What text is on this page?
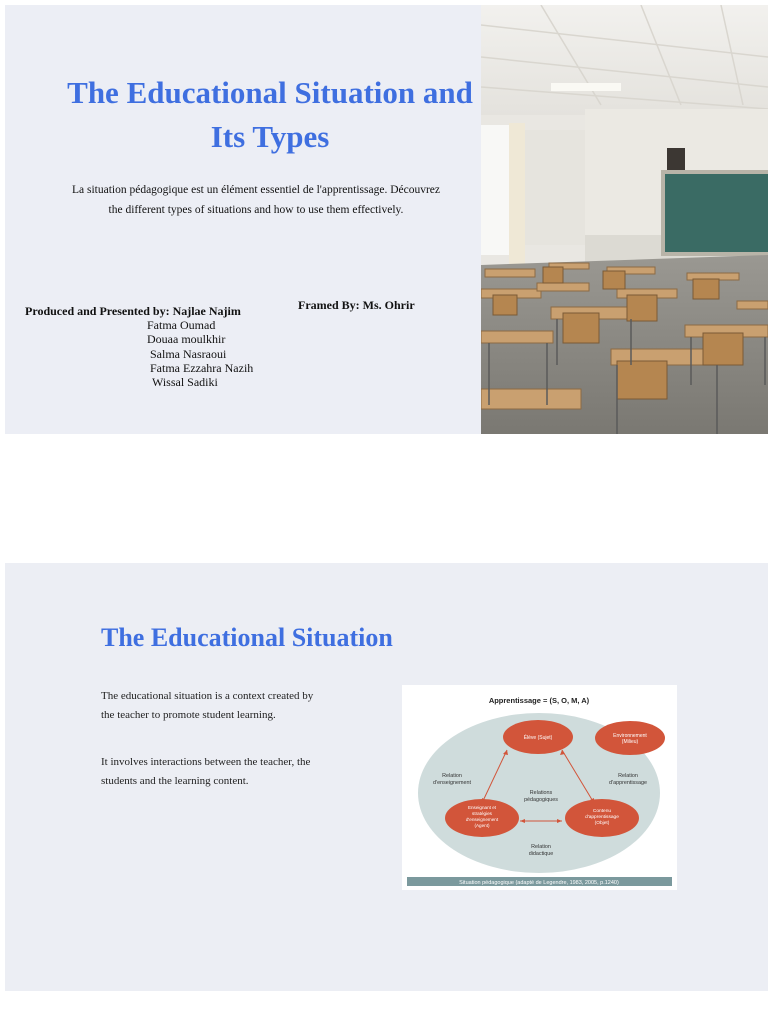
The Educational Situation and
Its Types
La situation pédagogique est un élément essentiel de l'apprentissage. Découvrez
the different types of situations and how to use them effectively.
Produced and Presented by: Najlae Najim
Fatma Oumad
Douaa moulkhir
Salma Nasraoui
Fatma Ezzahra Nazih
Wissal Sadiki
Framed By: Ms. Ohrir
The Educational Situation
The educational situation is a context created by
the teacher to promote student learning.
It involves interactions between the teacher, the
students and the learning content.
Apprentissage = (S, O, M, A)
Élève (Sujet)	Environnement
(Milieu)
Enseignant et
stratégies
d'enseignement
(Agent)
Contenu
d'apprentissage
(Objet)
Relation
d'enseignement
Relation
d'apprentissage
Relations
pédagogiques
Relation
didactique
Situation pédagogique (adapté de Legendre, 1983, 2005, p.1240)
